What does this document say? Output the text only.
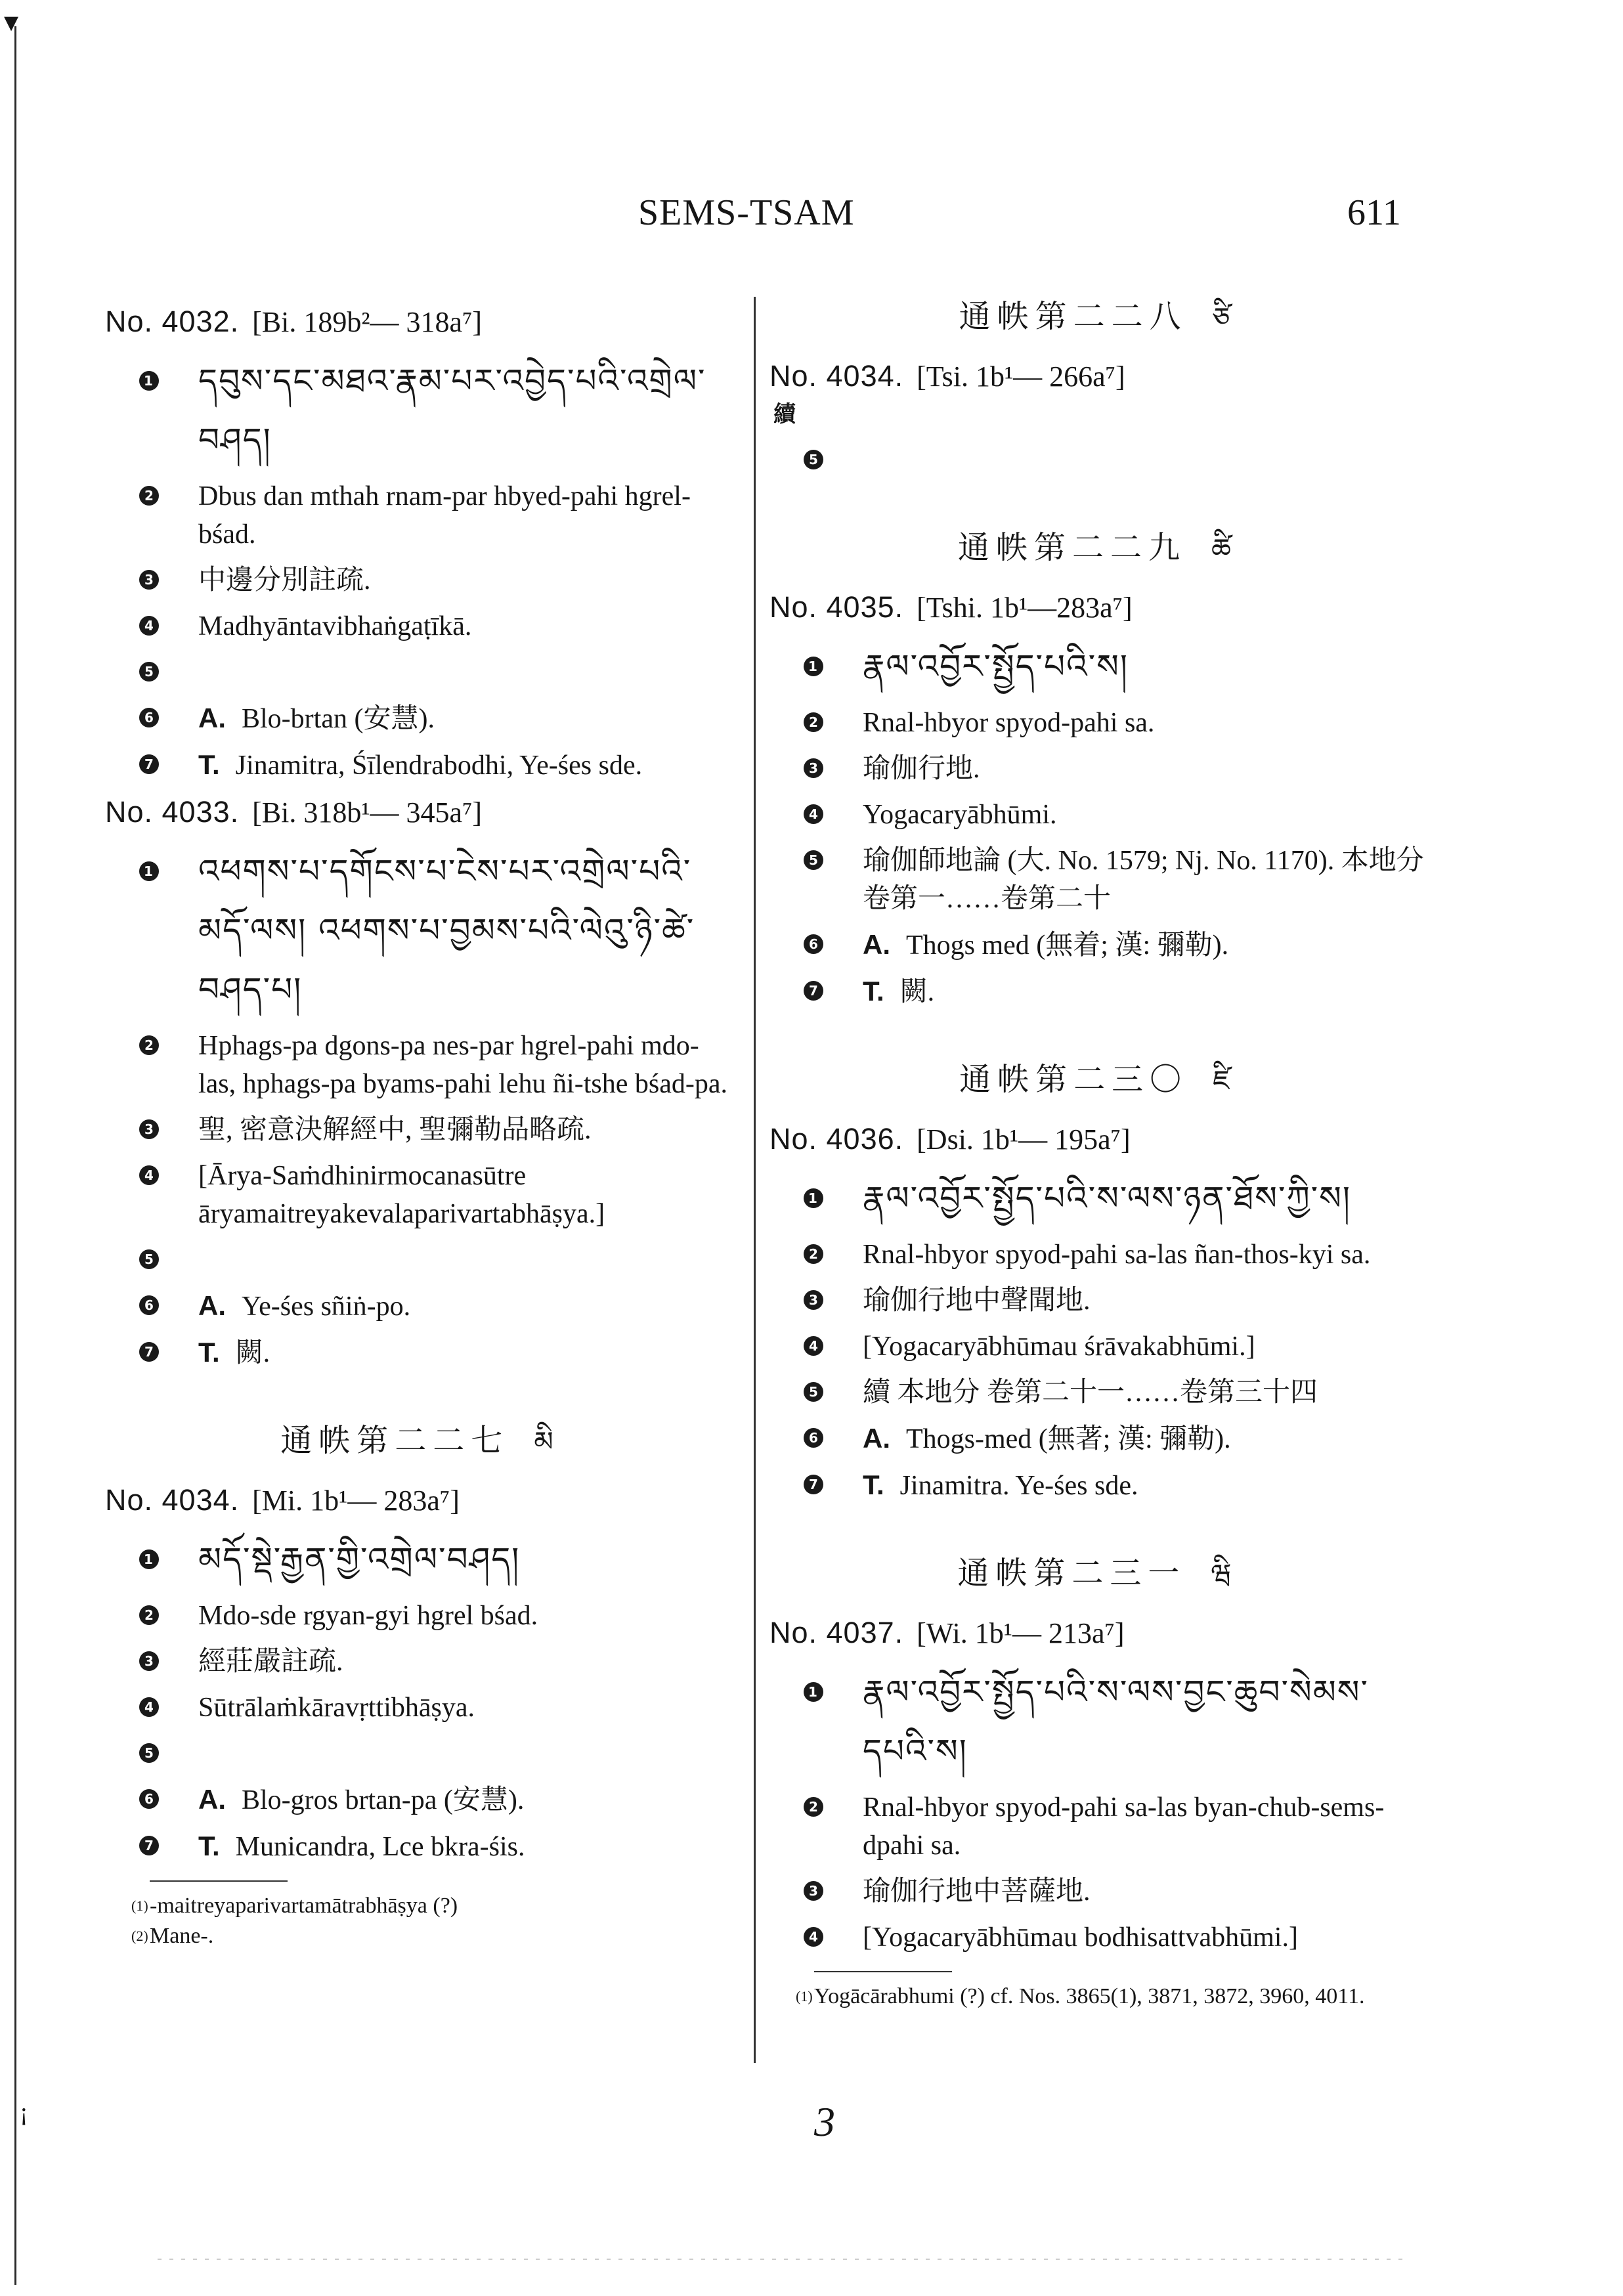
▾
¡
SEMS-TSAM	611
No. 4032. [Bi. 189b²— 318a⁷]
1 དབུས་དང་མཐའ་རྣམ་པར་འབྱེད་པའི་འགྲེལ་བཤད།
2 Dbus dan mthah rnam-par hbyed-pahi hgrel-bśad.
3 中邊分別註疏.
4 Madhyāntavibhaṅgaṭīkā.
5
6 A. Blo-brtan (安慧).
7 T. Jinamitra, Śīlendrabodhi, Ye-śes sde.
No. 4033. [Bi. 318b¹— 345a⁷]
1 འཕགས་པ་དགོངས་པ་ངེས་པར་འགྲེལ་པའི་མདོ་ལས། འཕགས་པ་བྱམས་པའི་ལེའུ་ཉི་ཚེ་བཤད་པ།
2 Hphags-pa dgons-pa nes-par hgrel-pahi mdo-las, hphags-pa byams-pahi lehu ñi-tshe bśad-pa.
3 聖, 密意決解經中, 聖彌勒品略疏.
4 [Ārya-Saṁdhinirmocanasūtre āryamaitreyakevalaparivartabhāṣya.]
5
6 A. Ye-śes sñiṅ-po.
7 T. 闕.
通帙第二二七 མི
No. 4034. [Mi. 1b¹— 283a⁷]
1 མདོ་སྡེ་རྒྱན་གྱི་འགྲེལ་བཤད།
2 Mdo-sde rgyan-gyi hgrel bśad.
3 經莊嚴註疏.
4 Sūtrālaṁkāravṛttibhāṣya.
5
6 A. Blo-gros brtan-pa (安慧).
7 T. Municandra, Lce bkra-śis.
(1) -maitreyaparivartamātrabhāṣya (?)
(2) Mane-.
通帙第二二八 ཙི
No. 4034. [Tsi. 1b¹— 266a⁷]
續
5
通帙第二二九 ཚི
No. 4035. [Tshi. 1b¹—283a⁷]
1 རྣལ་འབྱོར་སྤྱོད་པའི་ས།
2 Rnal-hbyor spyod-pahi sa.
3 瑜伽行地.
4 Yogacaryābhūmi.
5 瑜伽師地論 (大. No. 1579; Nj. No. 1170). 本地分 卷第一……卷第二十
6 A. Thogs med (無着; 漢: 彌勒).
7 T. 闕.
通帙第二三〇 ཛི
No. 4036. [Dsi. 1b¹— 195a⁷]
1 རྣལ་འབྱོར་སྤྱོད་པའི་ས་ལས་ཉན་ཐོས་ཀྱི་ས།
2 Rnal-hbyor spyod-pahi sa-las ñan-thos-kyi sa.
3 瑜伽行地中聲聞地.
4 [Yogacaryābhūmau śrāvakabhūmi.]
5 續 本地分 卷第二十一……卷第三十四
6 A. Thogs-med (無著; 漢: 彌勒).
7 T. Jinamitra. Ye-śes sde.
通帙第二三一 ཝི
No. 4037. [Wi. 1b¹— 213a⁷]
1 རྣལ་འབྱོར་སྤྱོད་པའི་ས་ལས་བྱང་ཆུབ་སེམས་དཔའི་ས།
2 Rnal-hbyor spyod-pahi sa-las byan-chub-sems-dpahi sa.
3 瑜伽行地中菩薩地.
4 [Yogacaryābhūmau bodhisattvabhūmi.]
(1) Yogācārabhumi (?) cf. Nos. 3865(1), 3871, 3872, 3960, 4011.
3
